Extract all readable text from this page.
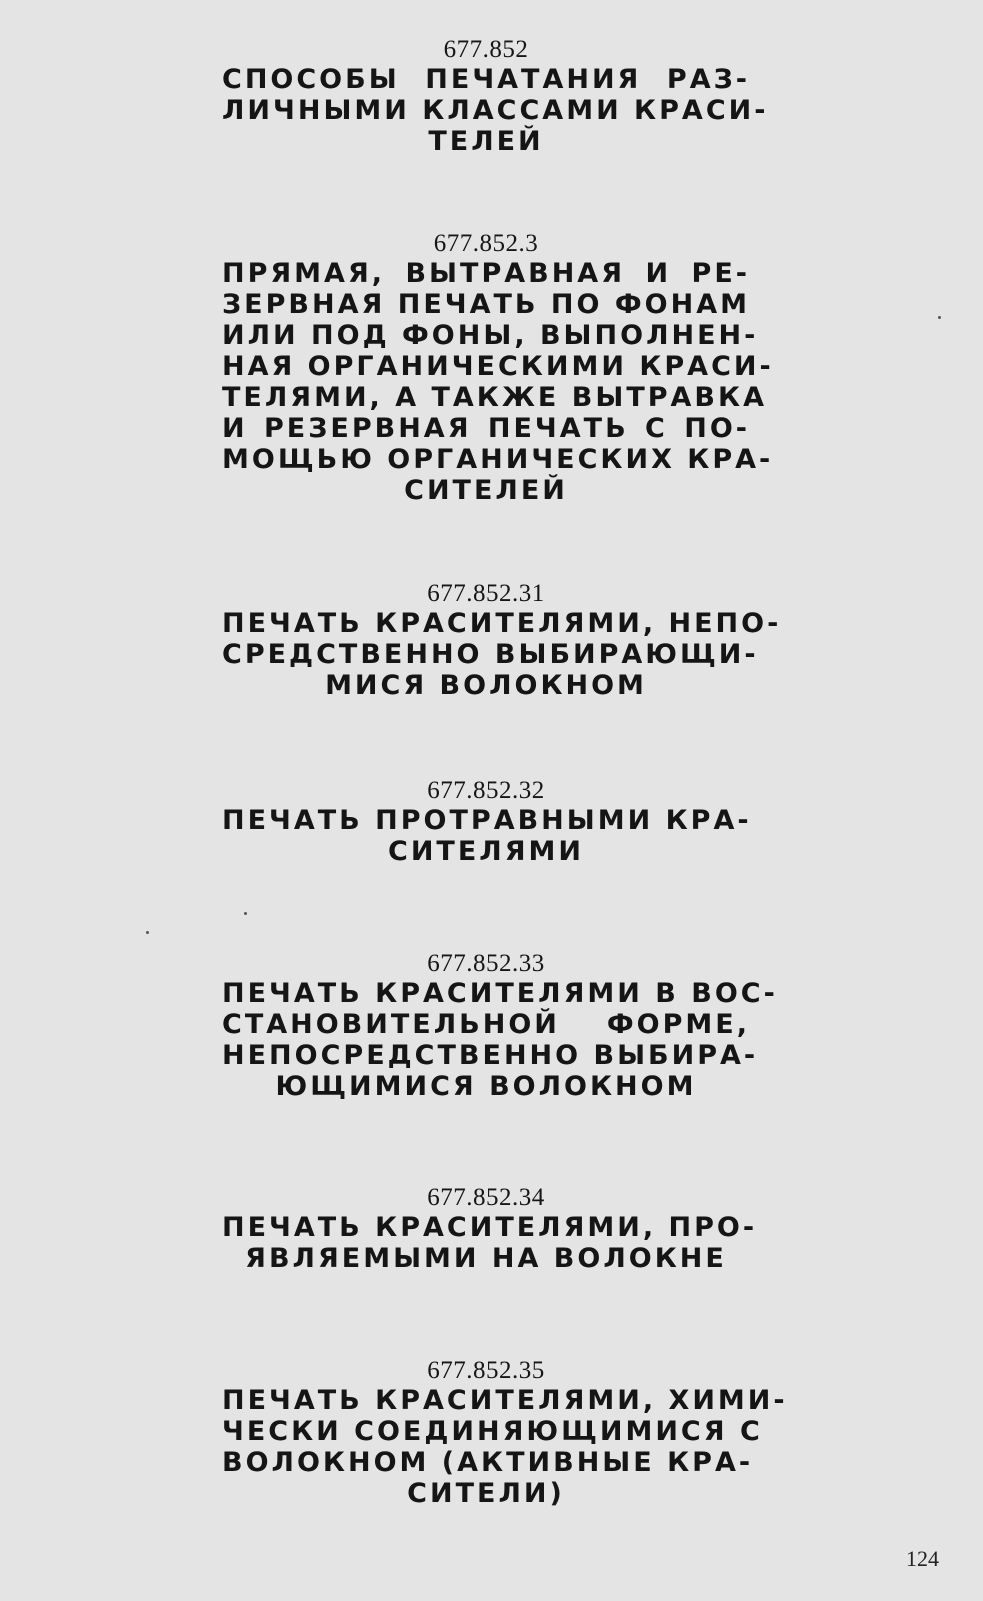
677.852
СПОСОБЫ ПЕЧАТАНИЯ РАЗ-
ЛИЧНЫМИ КЛАССАМИ КРАСИ-
ТЕЛЕЙ
677.852.3
ПРЯМАЯ, ВЫТРАВНАЯ И РЕ-
ЗЕРВНАЯ ПЕЧАТЬ ПО ФОНАМ
ИЛИ ПОД ФОНЫ, ВЫПОЛНЕН-
НАЯ ОРГАНИЧЕСКИМИ КРАСИ-
ТЕЛЯМИ, А ТАКЖЕ ВЫТРАВКА
И РЕЗЕРВНАЯ ПЕЧАТЬ С ПО-
МОЩЬЮ ОРГАНИЧЕСКИХ КРА-
СИТЕЛЕЙ
677.852.31
ПЕЧАТЬ КРАСИТЕЛЯМИ, НЕПО-
СРЕДСТВЕННО ВЫБИРАЮЩИ-
МИСЯ ВОЛОКНОМ
677.852.32
ПЕЧАТЬ ПРОТРАВНЫМИ КРА-
СИТЕЛЯМИ
677.852.33
ПЕЧАТЬ КРАСИТЕЛЯМИ В ВОС-
СТАНОВИТЕЛЬНОЙ ФОРМЕ,
НЕПОСРЕДСТВЕННО ВЫБИРА-
ЮЩИМИСЯ ВОЛОКНОМ
677.852.34
ПЕЧАТЬ КРАСИТЕЛЯМИ, ПРО-
ЯВЛЯЕМЫМИ НА ВОЛОКНЕ
677.852.35
ПЕЧАТЬ КРАСИТЕЛЯМИ, ХИМИ-
ЧЕСКИ СОЕДИНЯЮЩИМИСЯ С
ВОЛОКНОМ (АКТИВНЫЕ КРА-
СИТЕЛИ)
124
